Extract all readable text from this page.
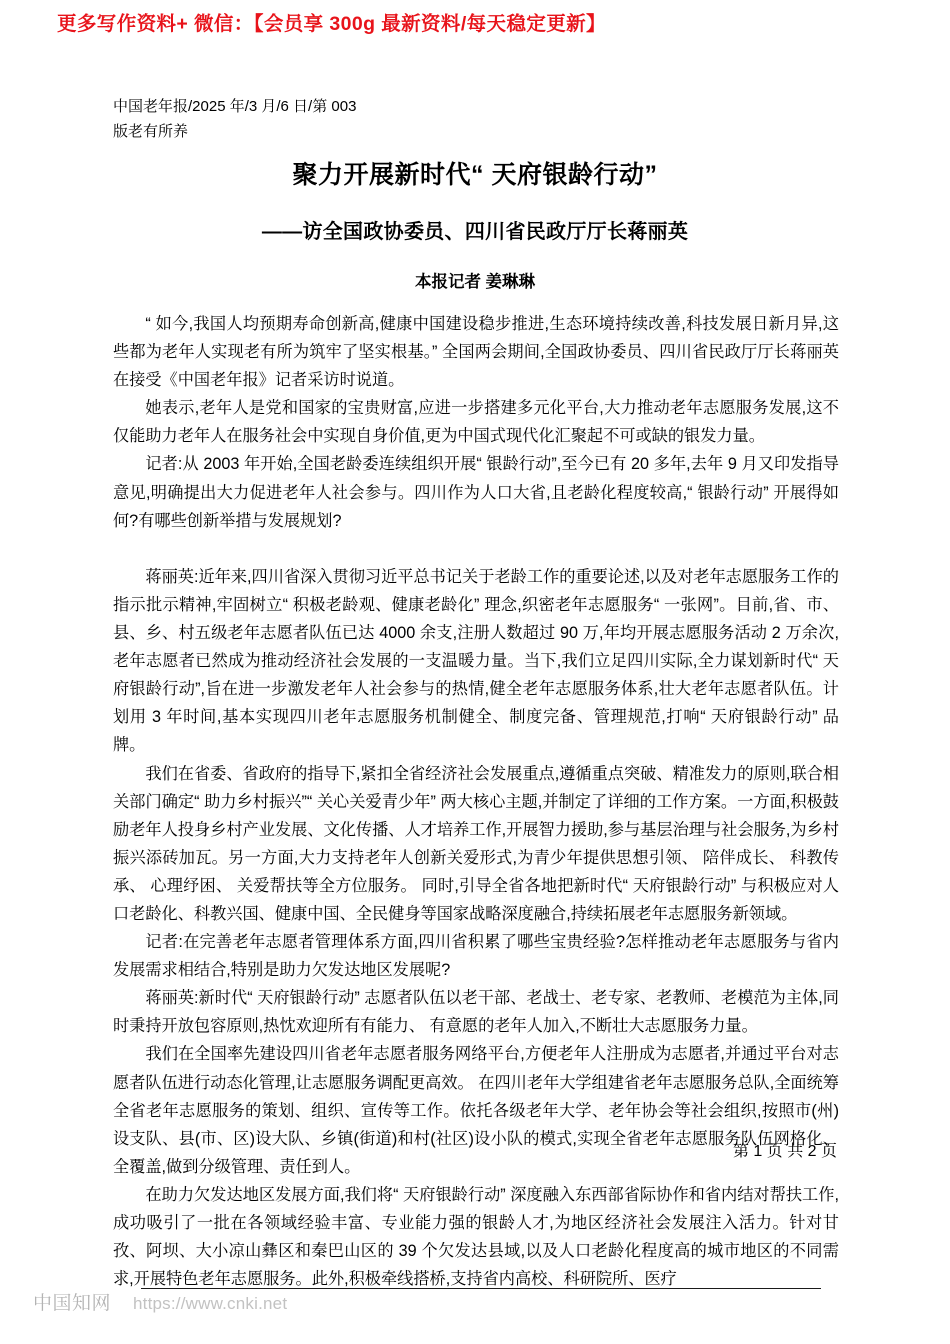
更多写作资料+ 微信：【会员享 300g 最新资料/每天稳定更新】
中国老年报/2025 年/3 月/6 日/第 003
版老有所养
聚力开展新时代“ 天府银龄行动”
——访全国政协委员、四川省民政厅厅长蒋丽英
本报记者 姜琳琳

“ 如今,我国人均预期寿命创新高,健康中国建设稳步推进,生态环境持续改善,科技发展日新月异,这些都为老年人实现老有所为筑牢了坚实根基。” 全国两会期间,全国政协委员、四川省民政厅厅长蒋丽英在接受《中国老年报》记者采访时说道。

她表示,老年人是党和国家的宝贵财富,应进一步搭建多元化平台,大力推动老年志愿服务发展,这不仅能助力老年人在服务社会中实现自身价值,更为中国式现代化汇聚起不可或缺的银发力量。

记者:从 2003 年开始,全国老龄委连续组织开展“ 银龄行动”,至今已有 20 多年,去年 9 月又印发指导意见,明确提出大力促进老年人社会参与。四川作为人口大省,且老龄化程度较高,“ 银龄行动” 开展得如何?有哪些创新举措与发展规划?

蒋丽英:近年来,四川省深入贯彻习近平总书记关于老龄工作的重要论述,以及对老年志愿服务工作的指示批示精神,牢固树立“ 积极老龄观、健康老龄化” 理念,织密老年志愿服务“ 一张网”。目前,省、市、县、乡、村五级老年志愿者队伍已达 4000 余支,注册人数超过 90 万,年均开展志愿服务活动 2 万余次,老年志愿者已然成为推动经济社会发展的一支温暖力量。当下,我们立足四川实际,全力谋划新时代“ 天府银龄行动”,旨在进一步激发老年人社会参与的热情,健全老年志愿服务体系,壮大老年志愿者队伍。计划用 3 年时间,基本实现四川老年志愿服务机制健全、制度完备、管理规范,打响“ 天府银龄行动” 品牌。

我们在省委、省政府的指导下,紧扣全省经济社会发展重点,遵循重点突破、精准发力的原则,联合相关部门确定“ 助力乡村振兴”“ 关心关爱青少年” 两大核心主题,并制定了详细的工作方案。一方面,积极鼓励老年人投身乡村产业发展、文化传播、人才培养工作,开展智力援助,参与基层治理与社会服务,为乡村振兴添砖加瓦。另一方面,大力支持老年人创新关爱形式,为青少年提供思想引领、 陪伴成长、 科教传承、 心理纾困、 关爱帮扶等全方位服务。 同时,引导全省各地把新时代“ 天府银龄行动” 与积极应对人口老龄化、科教兴国、健康中国、全民健身等国家战略深度融合,持续拓展老年志愿服务新领域。

记者:在完善老年志愿者管理体系方面,四川省积累了哪些宝贵经验?怎样推动老年志愿服务与省内发展需求相结合,特别是助力欠发达地区发展呢?

蒋丽英:新时代“ 天府银龄行动” 志愿者队伍以老干部、老战士、老专家、老教师、老模范为主体,同时秉持开放包容原则,热忱欢迎所有有能力、 有意愿的老年人加入,不断壮大志愿服务力量。

我们在全国率先建设四川省老年志愿者服务网络平台,方便老年人注册成为志愿者,并通过平台对志愿者队伍进行动态化管理,让志愿服务调配更高效。 在四川老年大学组建省老年志愿服务总队,全面统筹全省老年志愿服务的策划、组织、宣传等工作。依托各级老年大学、老年协会等社会组织,按照市(州)设支队、县(市、区)设大队、乡镇(街道)和村(社区)设小队的模式,实现全省老年志愿服务队伍网格化、全覆盖,做到分级管理、责任到人。

在助力欠发达地区发展方面,我们将“ 天府银龄行动” 深度融入东西部省际协作和省内结对帮扶工作,成功吸引了一批在各领域经验丰富、专业能力强的银龄人才,为地区经济社会发展注入活力。针对甘孜、阿坝、大小凉山彝区和秦巴山区的 39 个欠发达县域,以及人口老龄化程度高的城市地区的不同需求,开展特色老年志愿服务。此外,积极牵线搭桥,支持省内高校、科研院所、医疗

第 1 页 共 2 页
中国知网 https://www.cnki.net
